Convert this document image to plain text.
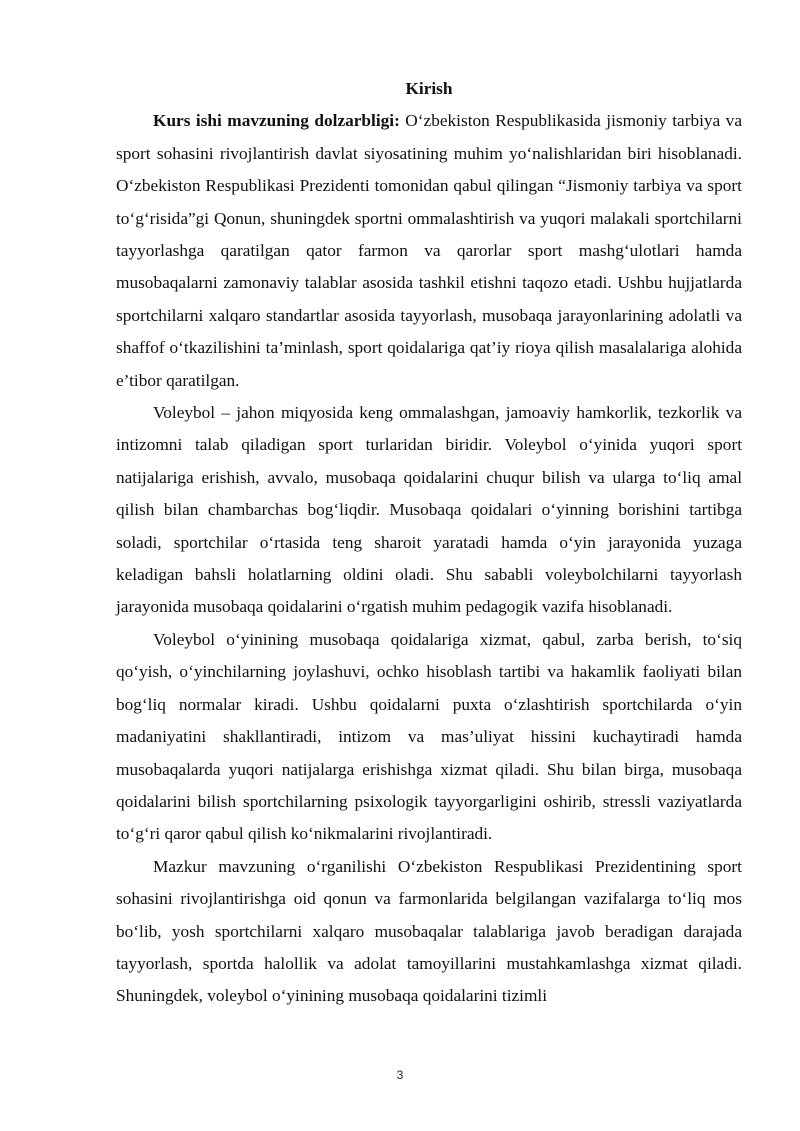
Kirish

Kurs ishi mavzuning dolzarbligi: O‘zbekiston Respublikasida jismoniy tarbiya va sport sohasini rivojlantirish davlat siyosatining muhim yo‘nalishlaridan biri hisoblanadi. O‘zbekiston Respublikasi Prezidenti tomonidan qabul qilingan “Jismoniy tarbiya va sport to‘g‘risida”gi Qonun, shuningdek sportni ommalashtirish va yuqori malakali sportchilarni tayyorlashga qaratilgan qator farmon va qarorlar sport mashg‘ulotlari hamda musobaqalarni zamonaviy talablar asosida tashkil etishni taqozo etadi. Ushbu hujjatlarda sportchilarni xalqaro standartlar asosida tayyorlash, musobaqa jarayonlarining adolatli va shaffof o‘tkazilishini ta’minlash, sport qoidalariga qat’iy rioya qilish masalalariga alohida e’tibor qaratilgan.

Voleybol – jahon miqyosida keng ommalashgan, jamoaviy hamkorlik, tezkorlik va intizomni talab qiladigan sport turlaridan biridir. Voleybol o‘yinida yuqori sport natijalariga erishish, avvalo, musobaqa qoidalarini chuqur bilish va ularga to‘liq amal qilish bilan chambarchas bog‘liqdir. Musobaqa qoidalari o‘yinning borishini tartibga soladi, sportchilar o‘rtasida teng sharoit yaratadi hamda o‘yin jarayonida yuzaga keladigan bahsli holatlarning oldini oladi. Shu sababli voleybolchilarni tayyorlash jarayonida musobaqa qoidalarini o‘rgatish muhim pedagogik vazifa hisoblanadi.

Voleybol o‘yinining musobaqa qoidalariga xizmat, qabul, zarba berish, to‘siq qo‘yish, o‘yinchilarning joylashuvi, ochko hisoblash tartibi va hakamlik faoliyati bilan bog‘liq normalar kiradi. Ushbu qoidalarni puxta o‘zlashtirish sportchilarda o‘yin madaniyatini shakllantiradi, intizom va mas’uliyat hissini kuchaytiradi hamda musobaqalarda yuqori natijalarga erishishga xizmat qiladi. Shu bilan birga, musobaqa qoidalarini bilish sportchilarning psixologik tayyorgarligini oshirib, stressli vaziyatlarda to‘g‘ri qaror qabul qilish ko‘nikmalarini rivojlantiradi.

Mazkur mavzuning o‘rganilishi O‘zbekiston Respublikasi Prezidentining sport sohasini rivojlantirishga oid qonun va farmonlarida belgilangan vazifalarga to‘liq mos bo‘lib, yosh sportchilarni xalqaro musobaqalar talablariga javob beradigan darajada tayyorlash, sportda halollik va adolat tamoyillarini mustahkamlashga xizmat qiladi. Shuningdek, voleybol o‘yinining musobaqa qoidalarini tizimli

3
